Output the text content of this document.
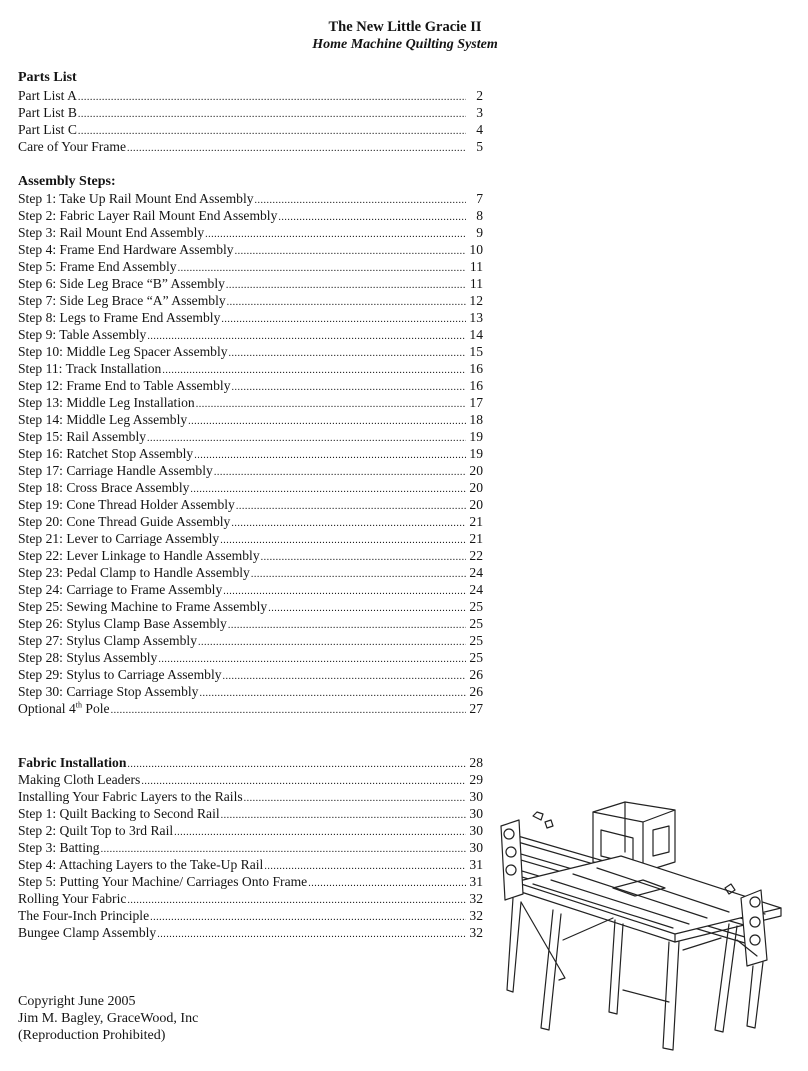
The New Little Gracie II
Home Machine Quilting System
Parts List
Part List A .....	2
Part List B .....	3
Part List C .....	4
Care of Your Frame .....	5
Assembly Steps:
Step 1: Take Up Rail Mount End Assembly .....	7
Step 2: Fabric Layer Rail Mount End Assembly .....	8
Step 3: Rail Mount End Assembly .....	9
Step 4: Frame End Hardware Assembly .....	10
Step 5: Frame End Assembly .....	11
Step 6: Side Leg Brace “B” Assembly .....	11
Step 7: Side Leg Brace “A” Assembly .....	12
Step 8: Legs to Frame End Assembly .....	13
Step 9: Table Assembly .....	14
Step 10: Middle Leg Spacer Assembly .....	15
Step 11: Track Installation .....	16
Step 12: Frame End to Table Assembly .....	16
Step 13: Middle Leg Installation .....	17
Step 14: Middle Leg Assembly .....	18
Step 15: Rail Assembly .....	19
Step 16: Ratchet Stop Assembly .....	19
Step 17: Carriage Handle Assembly .....	20
Step 18: Cross Brace Assembly .....	20
Step 19: Cone Thread Holder Assembly .....	20
Step 20: Cone Thread Guide Assembly .....	21
Step 21: Lever to Carriage Assembly .....	21
Step 22: Lever Linkage to Handle Assembly .....	22
Step 23: Pedal Clamp to Handle Assembly .....	24
Step 24: Carriage to Frame Assembly .....	24
Step 25: Sewing Machine to Frame Assembly .....	25
Step 26: Stylus Clamp Base Assembly .....	25
Step 27: Stylus Clamp Assembly .....	25
Step 28: Stylus Assembly .....	25
Step 29: Stylus to Carriage Assembly .....	26
Step 30: Carriage Stop Assembly .....	26
Optional 4th Pole .....	27
Fabric Installation .....	28
Making Cloth Leaders .....	29
Installing Your Fabric Layers to the Rails .....	30
Step 1: Quilt Backing to Second Rail .....	30
Step 2: Quilt Top to 3rd Rail .....	30
Step 3: Batting .....	30
Step 4: Attaching Layers to the Take-Up Rail .....	31
Step 5: Putting Your Machine/ Carriages Onto Frame .....	31
Rolling Your Fabric .....	32
The Four-Inch Principle .....	32
Bungee Clamp Assembly .....	32
Copyright June 2005
Jim M. Bagley, GraceWood, Inc
(Reproduction Prohibited)
